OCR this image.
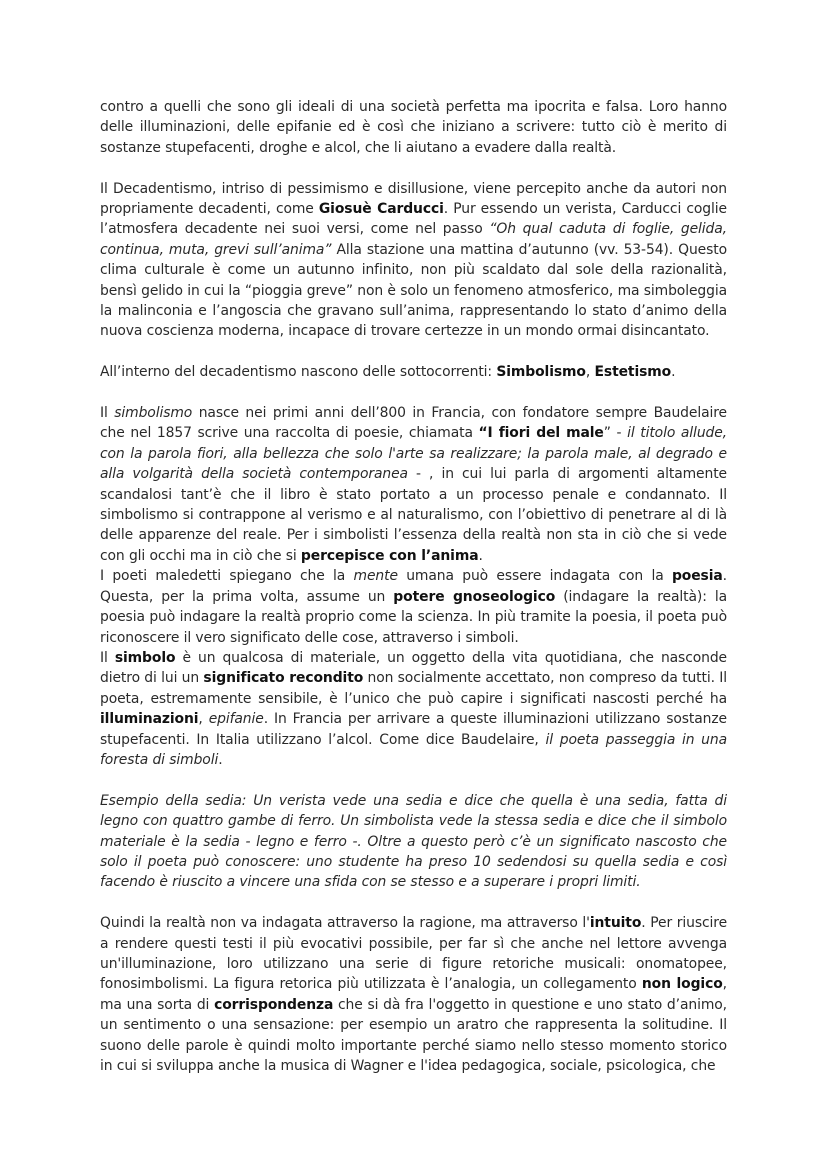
contro a quelli che sono gli ideali di una società perfetta ma ipocrita e falsa. Loro hanno delle illuminazioni, delle epifanie ed è così che iniziano a scrivere: tutto ciò è merito di sostanze stupefacenti, droghe e alcol, che li aiutano a evadere dalla realtà.

Il Decadentismo, intriso di pessimismo e disillusione, viene percepito anche da autori non propriamente decadenti, come Giosuè Carducci. Pur essendo un verista, Carducci coglie l’atmosfera decadente nei suoi versi, come nel passo “Oh qual caduta di foglie, gelida, continua, muta, grevi sull’anima” Alla stazione una mattina d’autunno (vv. 53-54). Questo clima culturale è come un autunno infinito, non più scaldato dal sole della razionalità, bensì gelido in cui la “pioggia greve” non è solo un fenomeno atmosferico, ma simboleggia la malinconia e l’angoscia che gravano sull’anima, rappresentando lo stato d’animo della nuova coscienza moderna, incapace di trovare certezze in un mondo ormai disincantato.

All’interno del decadentismo nascono delle sottocorrenti: Simbolismo, Estetismo.

Il simbolismo nasce nei primi anni dell’800 in Francia, con fondatore sempre Baudelaire che nel 1857 scrive una raccolta di poesie, chiamata “I fiori del male” - il titolo allude, con la parola fiori, alla bellezza che solo l'arte sa realizzare; la parola male, al degrado e alla volgarità della società contemporanea - , in cui lui parla di argomenti altamente scandalosi tant’è che il libro è stato portato a un processo penale e condannato. Il simbolismo si contrappone al verismo e al naturalismo, con l’obiettivo di penetrare al di là delle apparenze del reale. Per i simbolisti l’essenza della realtà non sta in ciò che si vede con gli occhi ma in ciò che si percepisce con l’anima.

I poeti maledetti spiegano che la mente umana può essere indagata con la poesia. Questa, per la prima volta, assume un potere gnoseologico (indagare la realtà): la poesia può indagare la realtà proprio come la scienza. In più tramite la poesia, il poeta può riconoscere il vero significato delle cose, attraverso i simboli.

Il simbolo è un qualcosa di materiale, un oggetto della vita quotidiana, che nasconde dietro di lui un significato recondito non socialmente accettato, non compreso da tutti. Il poeta, estremamente sensibile, è l’unico che può capire i significati nascosti perché ha illuminazioni, epifanie. In Francia per arrivare a queste illuminazioni utilizzano sostanze stupefacenti. In Italia utilizzano l’alcol. Come dice Baudelaire, il poeta passeggia in una foresta di simboli.

Esempio della sedia: Un verista vede una sedia e dice che quella è una sedia, fatta di legno con quattro gambe di ferro. Un simbolista vede la stessa sedia e dice che il simbolo materiale è la sedia - legno e ferro -. Oltre a questo però c’è un significato nascosto che solo il poeta può conoscere: uno studente ha preso 10 sedendosi su quella sedia e così facendo è riuscito a vincere una sfida con se stesso e a superare i propri limiti.

Quindi la realtà non va indagata attraverso la ragione, ma attraverso l'intuito. Per riuscire a rendere questi testi il più evocativi possibile, per far sì che anche nel lettore avvenga un'illuminazione, loro utilizzano una serie di figure retoriche musicali: onomatopee, fonosimbolismi. La figura retorica più utilizzata è l’analogia, un collegamento non logico, ma una sorta di corrispondenza che si dà fra l'oggetto in questione e uno stato d’animo, un sentimento o una sensazione: per esempio un aratro che rappresenta la solitudine. Il suono delle parole è quindi molto importante perché siamo nello stesso momento storico in cui si sviluppa anche la musica di Wagner e l'idea pedagogica, sociale, psicologica, che
